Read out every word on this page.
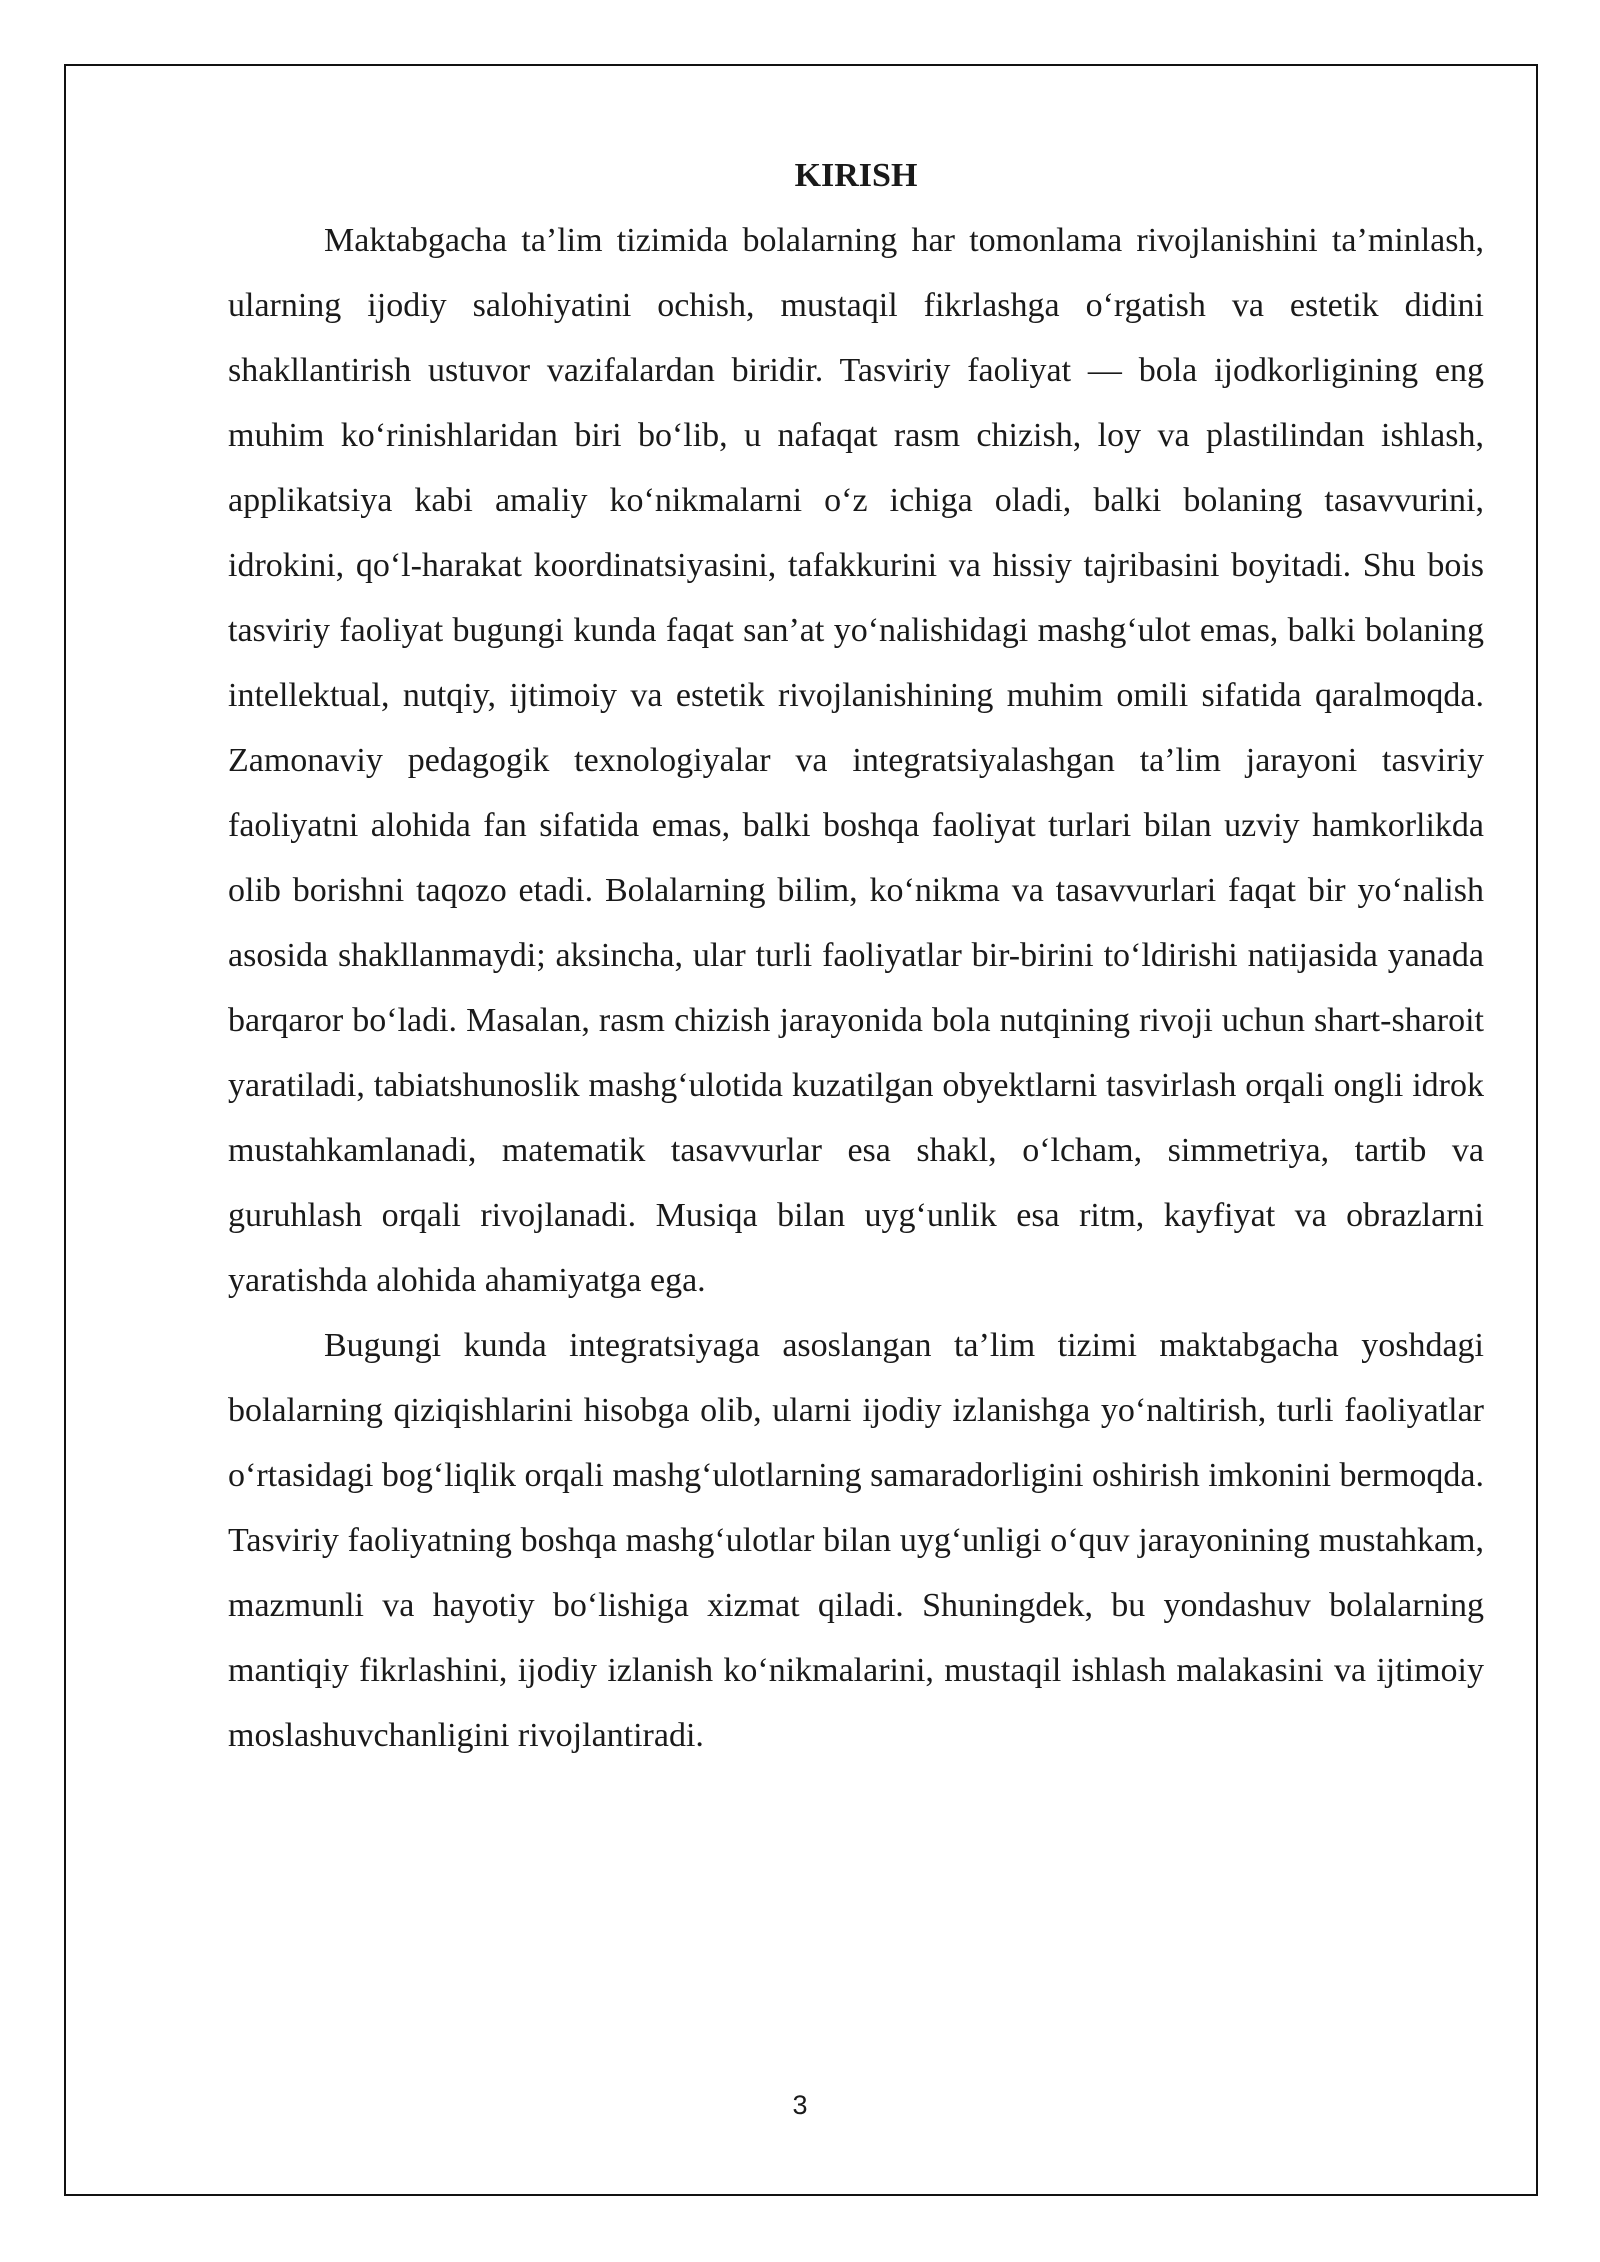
KIRISH

Maktabgacha ta’lim tizimida bolalarning har tomonlama rivojlanishini ta’minlash, ularning ijodiy salohiyatini ochish, mustaqil fikrlashga o‘rgatish va estetik didini shakllantirish ustuvor vazifalardan biridir. Tasviriy faoliyat — bola ijodkorligining eng muhim ko‘rinishlaridan biri bo‘lib, u nafaqat rasm chizish, loy va plastilindan ishlash, applikatsiya kabi amaliy ko‘nikmalarni o‘z ichiga oladi, balki bolaning tasavvurini, idrokini, qo‘l-harakat koordinatsiyasini, tafakkurini va hissiy tajribasini boyitadi. Shu bois tasviriy faoliyat bugungi kunda faqat san’at yo‘nalishidagi mashg‘ulot emas, balki bolaning intellektual, nutqiy, ijtimoiy va estetik rivojlanishining muhim omili sifatida qaralmoqda. Zamonaviy pedagogik texnologiyalar va integratsiyalashgan ta’lim jarayoni tasviriy faoliyatni alohida fan sifatida emas, balki boshqa faoliyat turlari bilan uzviy hamkorlikda olib borishni taqozo etadi. Bolalarning bilim, ko‘nikma va tasavvurlari faqat bir yo‘nalish asosida shakllanmaydi; aksincha, ular turli faoliyatlar bir-birini to‘ldirishi natijasida yanada barqaror bo‘ladi. Masalan, rasm chizish jarayonida bola nutqining rivoji uchun shart-sharoit yaratiladi, tabiatshunoslik mashg‘ulotida kuzatilgan obyektlarni tasvirlash orqali ongli idrok mustahkamlanadi, matematik tasavvurlar esa shakl, o‘lcham, simmetriya, tartib va guruhlash orqali rivojlanadi. Musiqa bilan uyg‘unlik esa ritm, kayfiyat va obrazlarni yaratishda alohida ahamiyatga ega.

Bugungi kunda integratsiyaga asoslangan ta’lim tizimi maktabgacha yoshdagi bolalarning qiziqishlarini hisobga olib, ularni ijodiy izlanishga yo‘naltirish, turli faoliyatlar o‘rtasidagi bog‘liqlik orqali mashg‘ulotlarning samaradorligini oshirish imkonini bermoqda. Tasviriy faoliyatning boshqa mashg‘ulotlar bilan uyg‘unligi o‘quv jarayonining mustahkam, mazmunli va hayotiy bo‘lishiga xizmat qiladi. Shuningdek, bu yondashuv bolalarning mantiqiy fikrlashini, ijodiy izlanish ko‘nikmalarini, mustaqil ishlash malakasini va ijtimoiy moslashuvchanligini rivojlantiradi.

3
